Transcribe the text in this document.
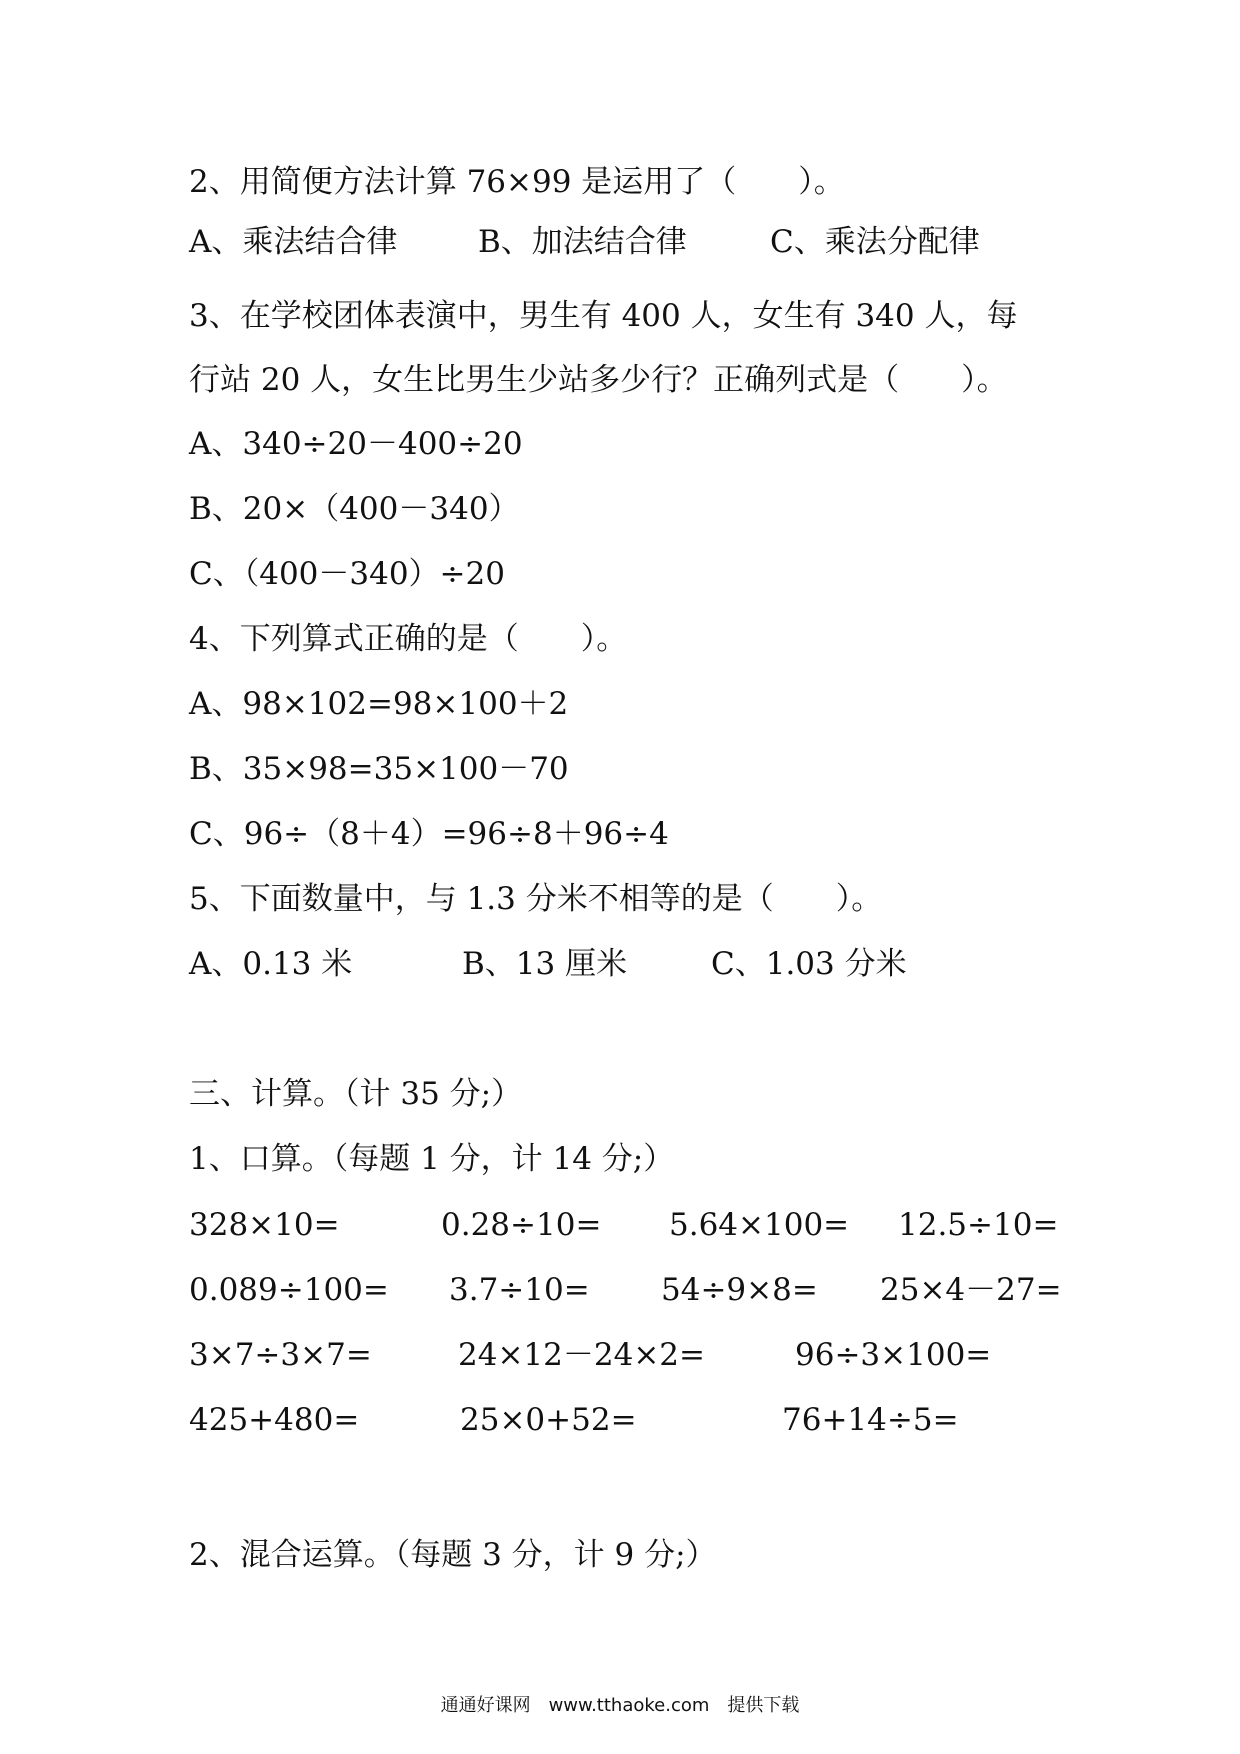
2、用简便方法计算 76×99 是运用了（　　）。
A、乘法结合律	B、加法结合律	C、乘法分配律
3、在学校团体表演中，男生有 400 人，女生有 340 人，每
行站 20 人，女生比男生少站多少行？正确列式是（　　）。
A、340÷20－400÷20
B、20×（400－340）
C、（400－340）÷20
4、下列算式正确的是（　　）。
A、98×102=98×100＋2
B、35×98=35×100－70
C、96÷（8＋4）=96÷8＋96÷4
5、下面数量中，与 1.3 分米不相等的是（　　）。
A、0.13 米	B、13 厘米	C、1.03 分米
三、计算。（计 35 分;）
1、口算。（每题 1 分，计 14 分;）
328×10=	0.28÷10= 5.64×100= 12.5÷10=
0.089÷100= 3.7÷10= 54÷9×8= 25×4－27=
3×7÷3×7=	24×12－24×2=	96÷3×100=
425+480=	25×0+52=	76+14÷5=
2、混合运算。（每题 3 分，计 9 分;）
通通好课网　www.tthaoke.com　提供下载
